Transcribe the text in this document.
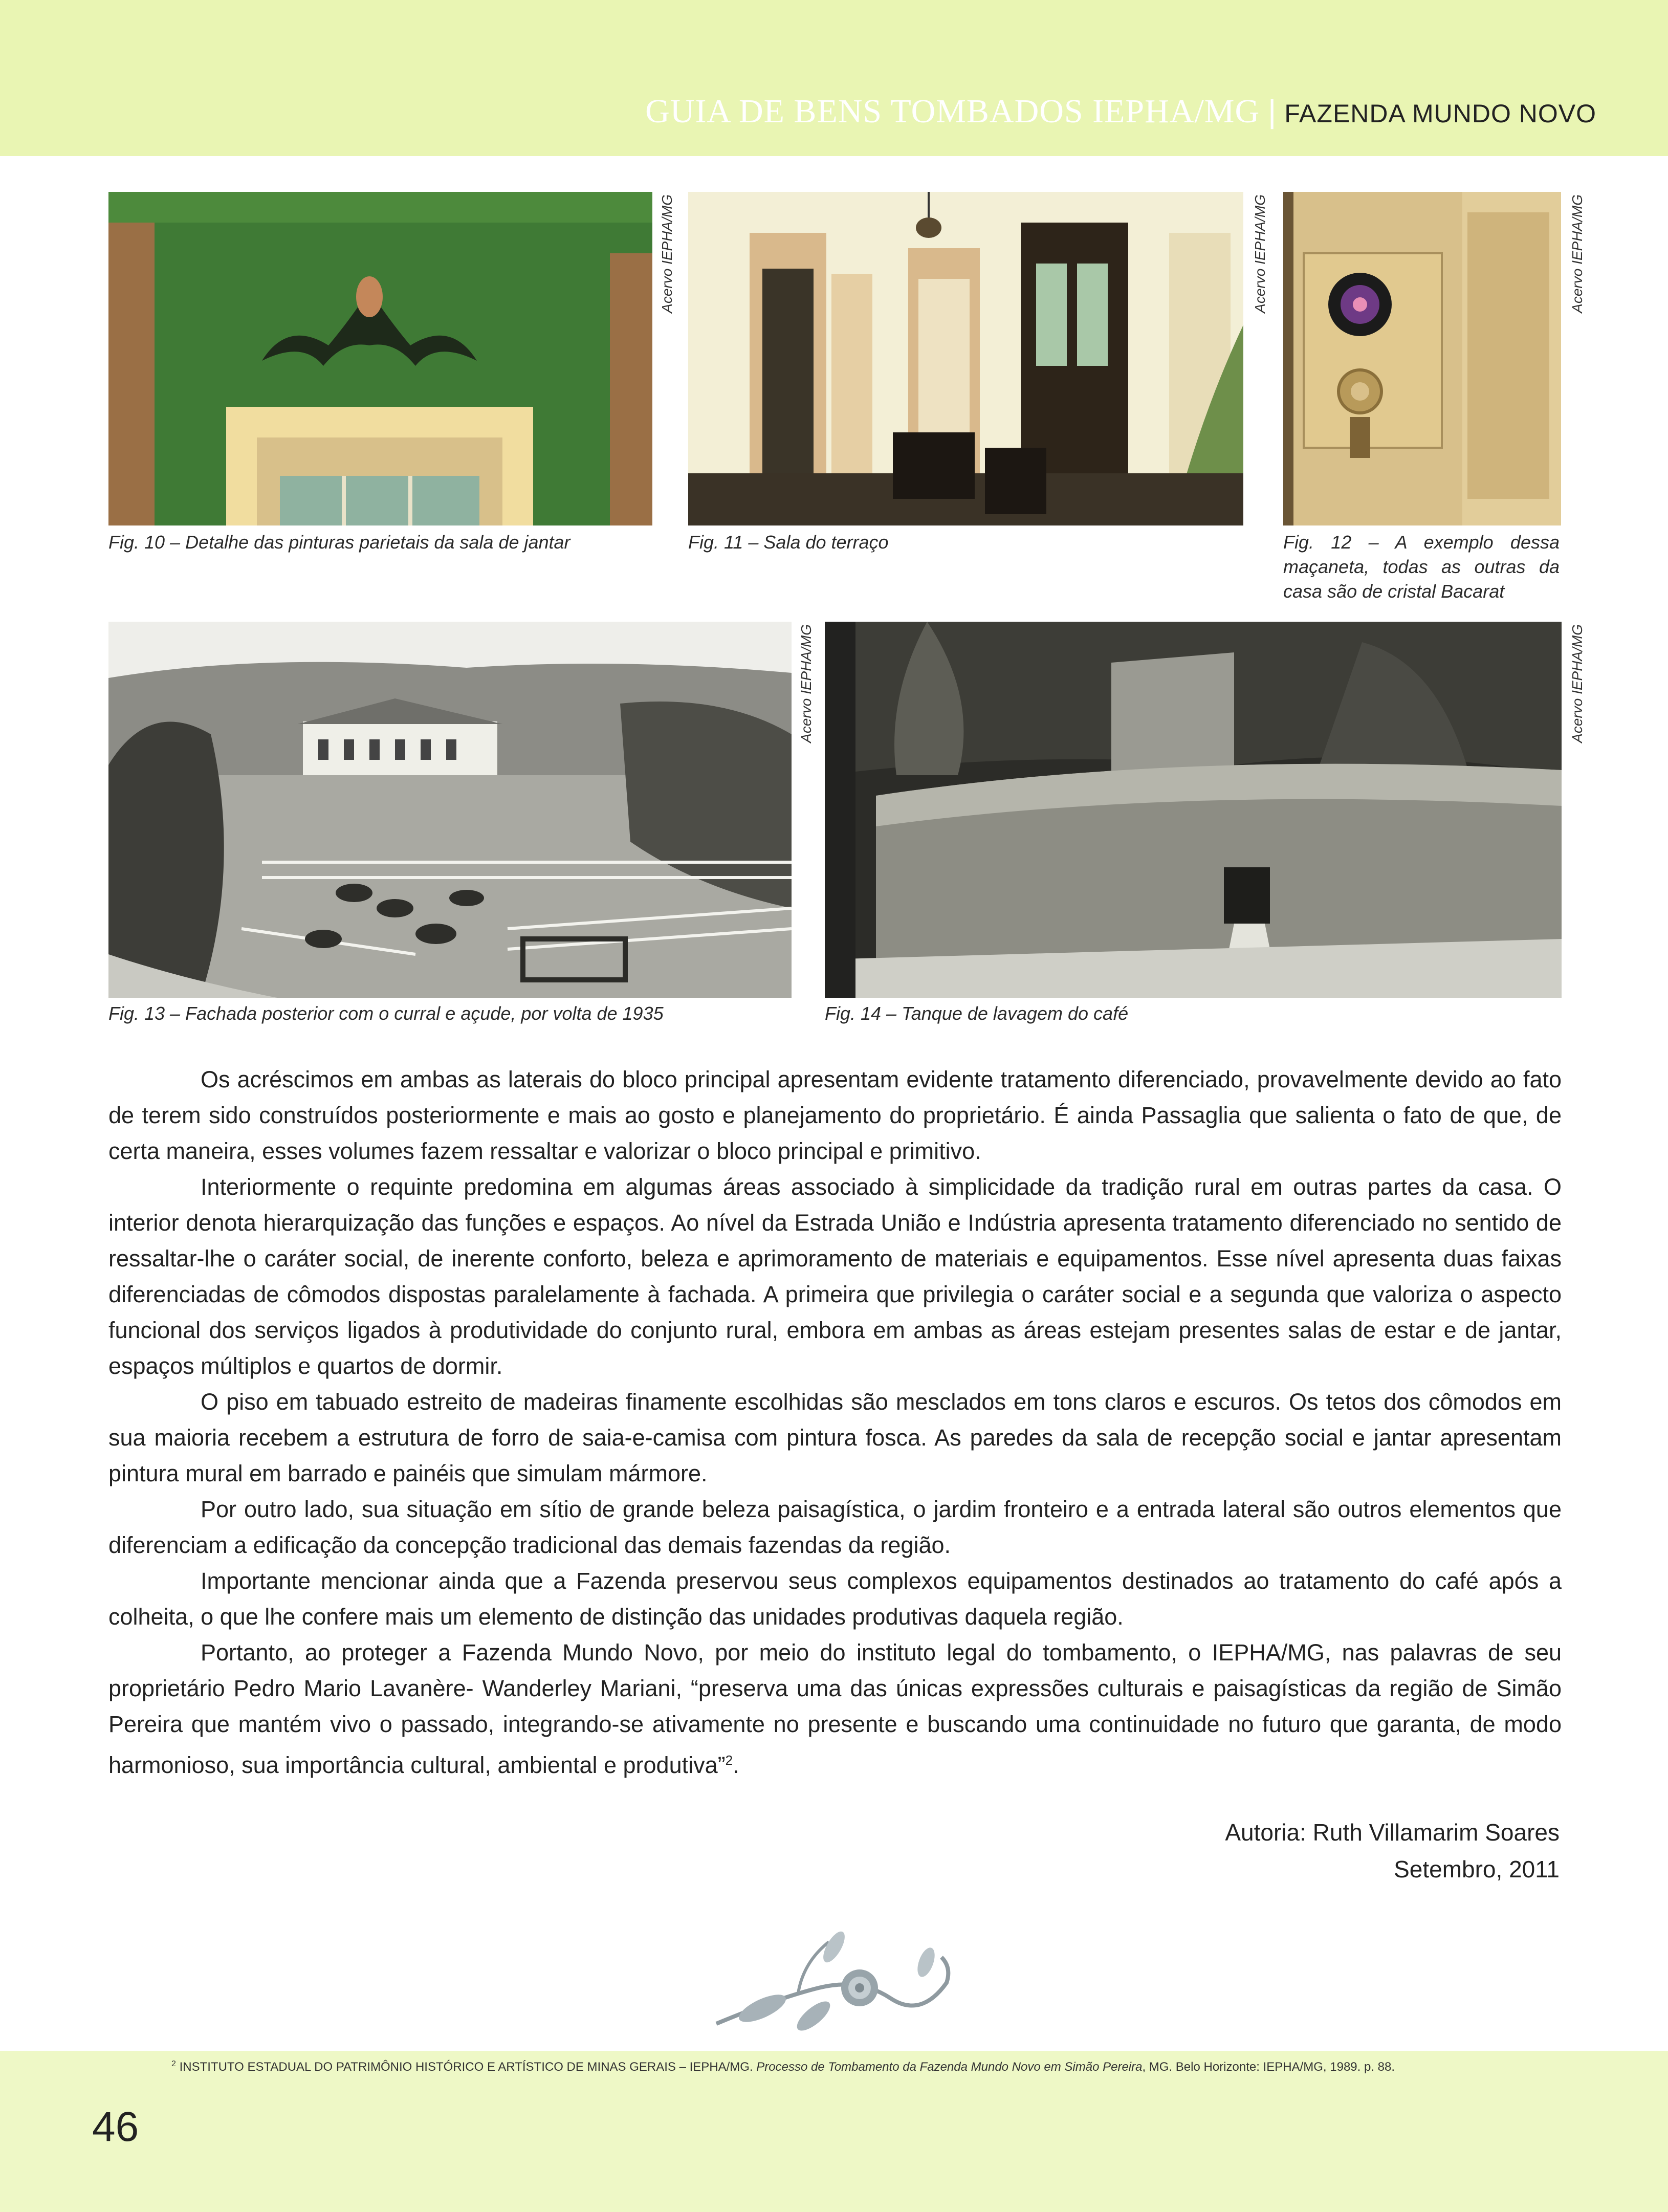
GUIA DE BENS TOMBADOS IEPHA/MG | FAZENDA MUNDO NOVO
Acervo IEPHA/MG
Fig. 10 – Detalhe das pinturas parietais da sala de jantar
Acervo IEPHA/MG
Fig. 11 – Sala do terraço
Acervo IEPHA/MG
Fig. 12 – A exemplo dessa maçaneta, todas as outras da casa são de cristal Bacarat
Acervo IEPHA/MG
Fig. 13 – Fachada posterior com o curral e açude, por volta de 1935
Acervo IEPHA/MG
Fig. 14 – Tanque de lavagem do café

Os acréscimos em ambas as laterais do bloco principal apresentam evidente tratamento diferenciado, provavelmente devido ao fato de terem sido construídos posteriormente e mais ao gosto e planejamento do proprietário. É ainda Passaglia que salienta o fato de que, de certa maneira, esses volumes fazem ressaltar e valorizar o bloco principal e primitivo.

Interiormente o requinte predomina em algumas áreas associado à simplicidade da tradição rural em outras partes da casa. O interior denota hierarquização das funções e espaços. Ao nível da Estrada União e Indústria apresenta tratamento diferenciado no sentido de ressaltar-lhe o caráter social, de inerente conforto, beleza e aprimoramento de materiais e equipamentos. Esse nível apresenta duas faixas diferenciadas de cômodos dispostas paralelamente à fachada. A primeira que privilegia o caráter social e a segunda que valoriza o aspecto funcional dos serviços ligados à produtividade do conjunto rural, embora em ambas as áreas estejam presentes salas de estar e de jantar, espaços múltiplos e quartos de dormir.

O piso em tabuado estreito de madeiras finamente escolhidas são mesclados em tons claros e escuros. Os tetos dos cômodos em sua maioria recebem a estrutura de forro de saia-e-camisa com pintura fosca. As paredes da sala de recepção social e jantar apresentam pintura mural em barrado e painéis que simulam mármore.

Por outro lado, sua situação em sítio de grande beleza paisagística, o jardim fronteiro e a entrada lateral são outros elementos que diferenciam a edificação da concepção tradicional das demais fazendas da região.

Importante mencionar ainda que a Fazenda preservou seus complexos equipamentos destinados ao tratamento do café após a colheita, o que lhe confere mais um elemento de distinção das unidades produtivas daquela região.

Portanto, ao proteger a Fazenda Mundo Novo, por meio do instituto legal do tombamento, o IEPHA/MG, nas palavras de seu proprietário Pedro Mario Lavanère- Wanderley Mariani, “preserva uma das únicas expressões culturais e paisagísticas da região de Simão Pereira que mantém vivo o passado, integrando-se ativamente no presente e buscando uma continuidade no futuro que garanta, de modo harmonioso, sua importância cultural, ambiental e produtiva”$^2$.

Autoria: Ruth Villamarim Soares
Setembro, 2011
$^2$ INSTITUTO ESTADUAL DO PATRIMÔNIO HISTÓRICO E ARTÍSTICO DE MINAS GERAIS – IEPHA/MG. Processo de Tombamento da Fazenda Mundo Novo em Simão Pereira, MG. Belo Horizonte: IEPHA/MG, 1989. p. 88.
46
